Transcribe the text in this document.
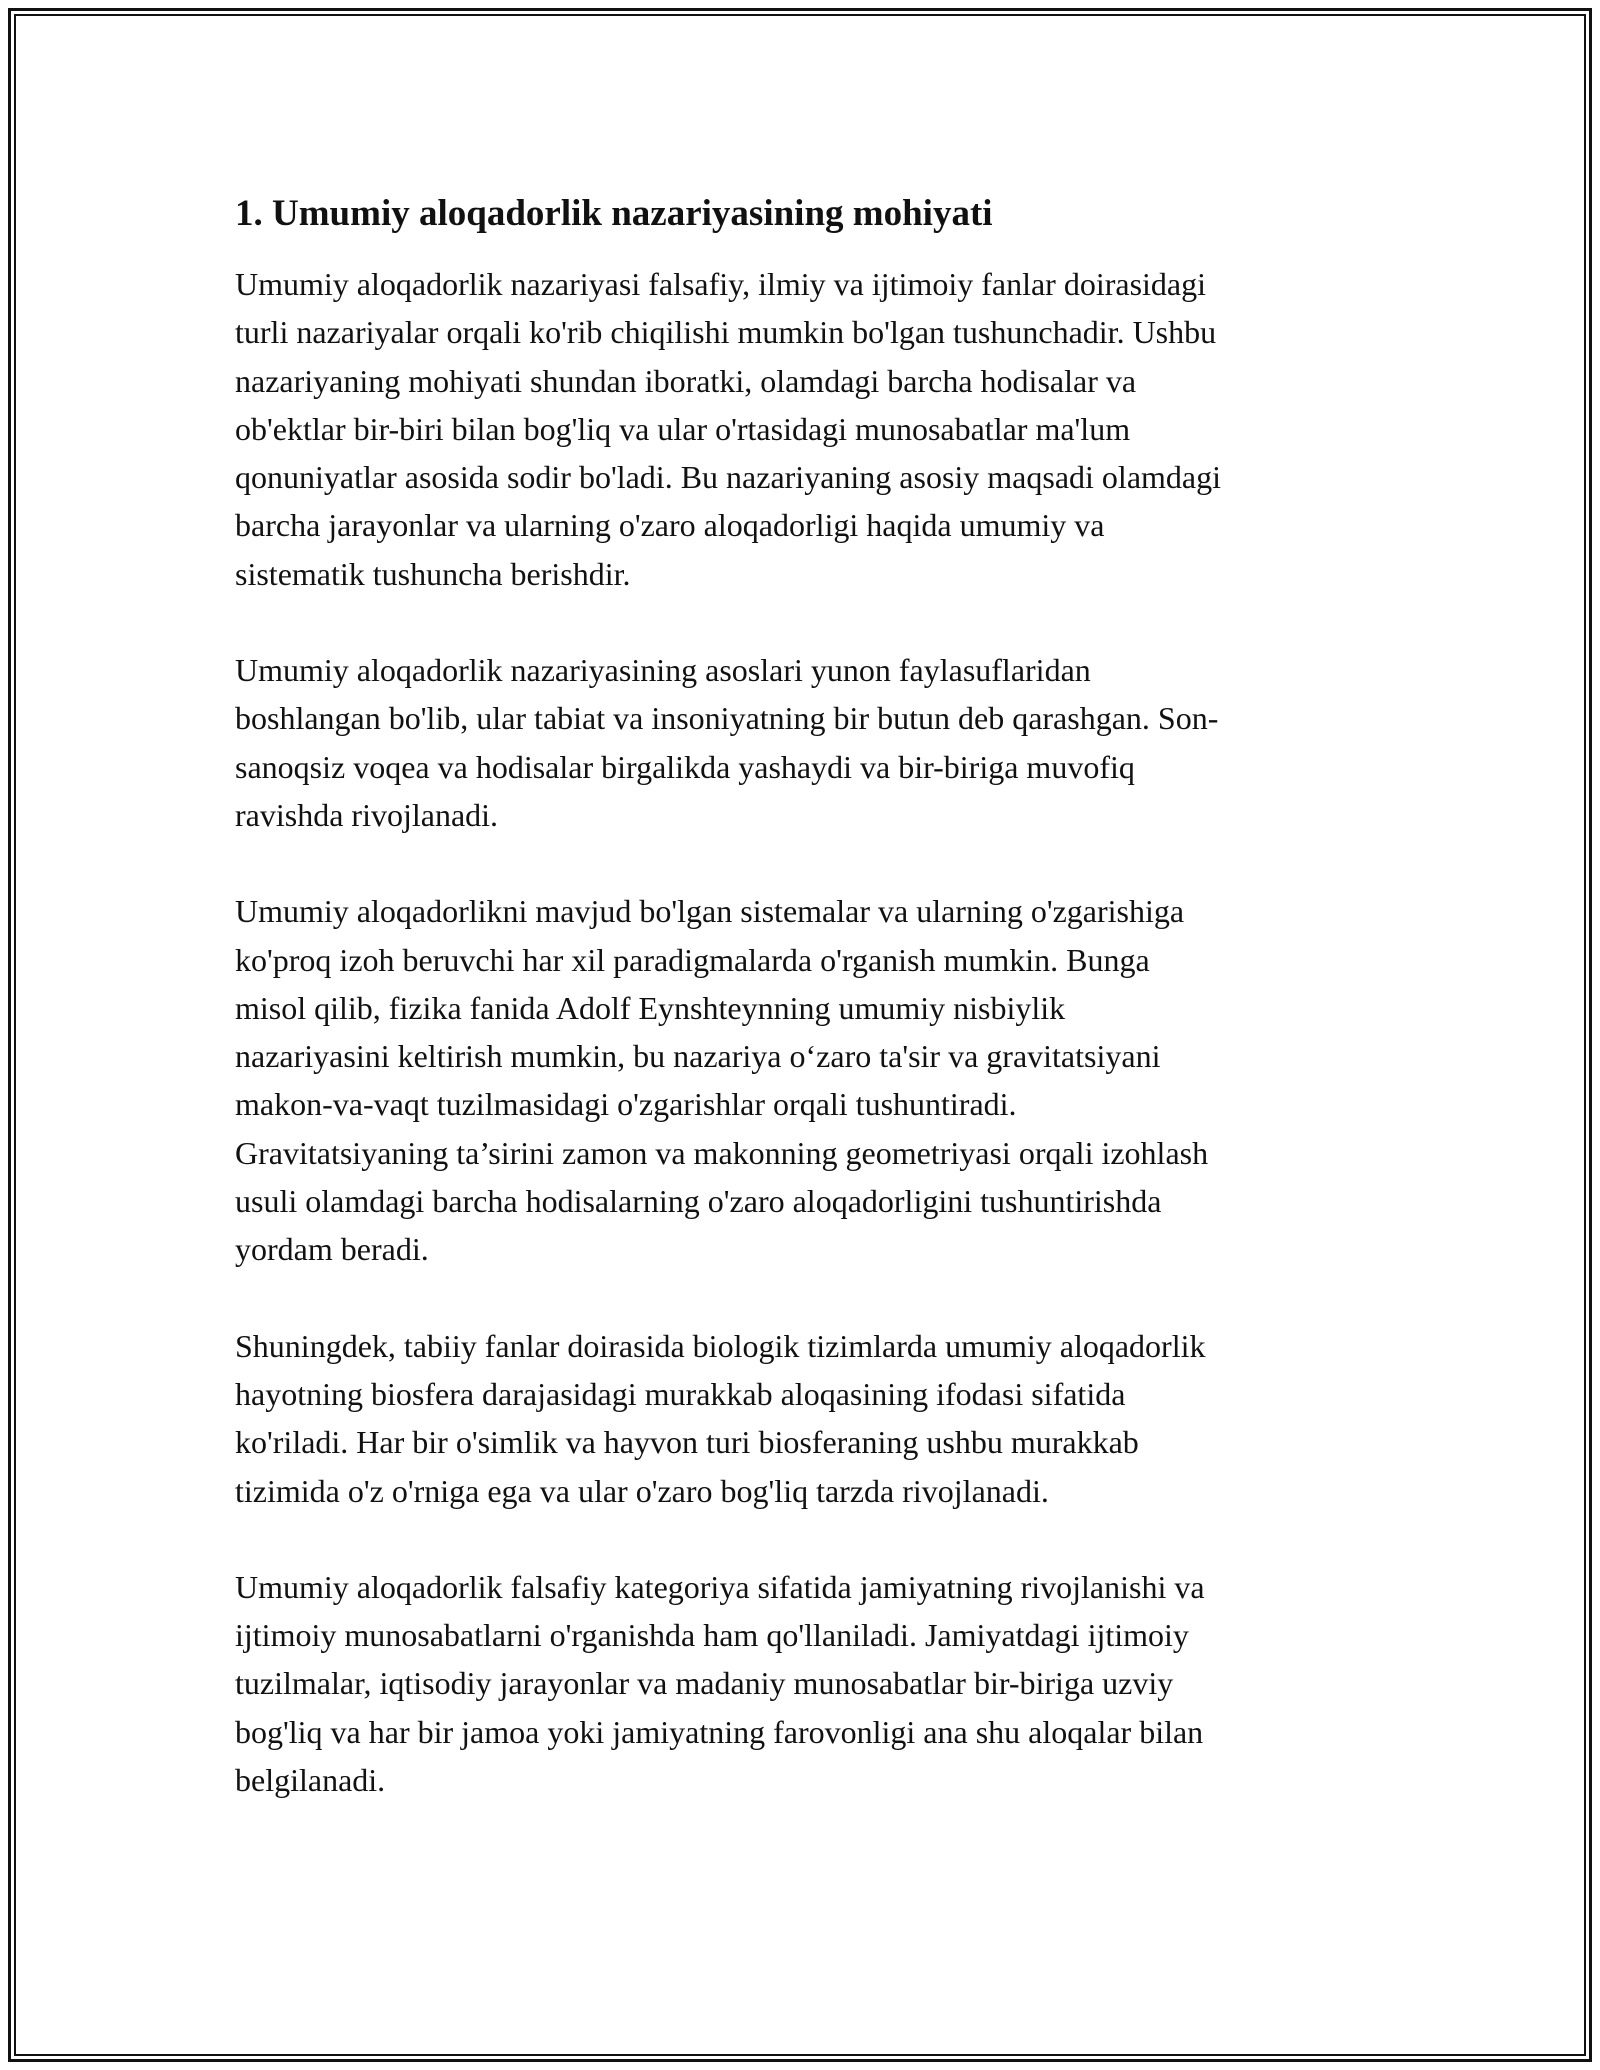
1. Umumiy aloqadorlik nazariyasining mohiyati

Umumiy aloqadorlik nazariyasi falsafiy, ilmiy va ijtimoiy fanlar doirasidagi
turli nazariyalar orqali ko'rib chiqilishi mumkin bo'lgan tushunchadir. Ushbu
nazariyaning mohiyati shundan iboratki, olamdagi barcha hodisalar va
ob'ektlar bir-biri bilan bog'liq va ular o'rtasidagi munosabatlar ma'lum
qonuniyatlar asosida sodir bo'ladi. Bu nazariyaning asosiy maqsadi olamdagi
barcha jarayonlar va ularning o'zaro aloqadorligi haqida umumiy va
sistematik tushuncha berishdir.

Umumiy aloqadorlik nazariyasining asoslari yunon faylasuflaridan
boshlangan bo'lib, ular tabiat va insoniyatning bir butun deb qarashgan. Son-
sanoqsiz voqea va hodisalar birgalikda yashaydi va bir-biriga muvofiq
ravishda rivojlanadi.

Umumiy aloqadorlikni mavjud bo'lgan sistemalar va ularning o'zgarishiga
ko'proq izoh beruvchi har xil paradigmalarda o'rganish mumkin. Bunga
misol qilib, fizika fanida Adolf Eynshteynning umumiy nisbiylik
nazariyasini keltirish mumkin, bu nazariya o‘zaro ta'sir va gravitatsiyani
makon-va-vaqt tuzilmasidagi o'zgarishlar orqali tushuntiradi.
Gravitatsiyaning ta’sirini zamon va makonning geometriyasi orqali izohlash
usuli olamdagi barcha hodisalarning o'zaro aloqadorligini tushuntirishda
yordam beradi.

Shuningdek, tabiiy fanlar doirasida biologik tizimlarda umumiy aloqadorlik
hayotning biosfera darajasidagi murakkab aloqasining ifodasi sifatida
ko'riladi. Har bir o'simlik va hayvon turi biosferaning ushbu murakkab
tizimida o'z o'rniga ega va ular o'zaro bog'liq tarzda rivojlanadi.

Umumiy aloqadorlik falsafiy kategoriya sifatida jamiyatning rivojlanishi va
ijtimoiy munosabatlarni o'rganishda ham qo'llaniladi. Jamiyatdagi ijtimoiy
tuzilmalar, iqtisodiy jarayonlar va madaniy munosabatlar bir-biriga uzviy
bog'liq va har bir jamoa yoki jamiyatning farovonligi ana shu aloqalar bilan
belgilanadi.
